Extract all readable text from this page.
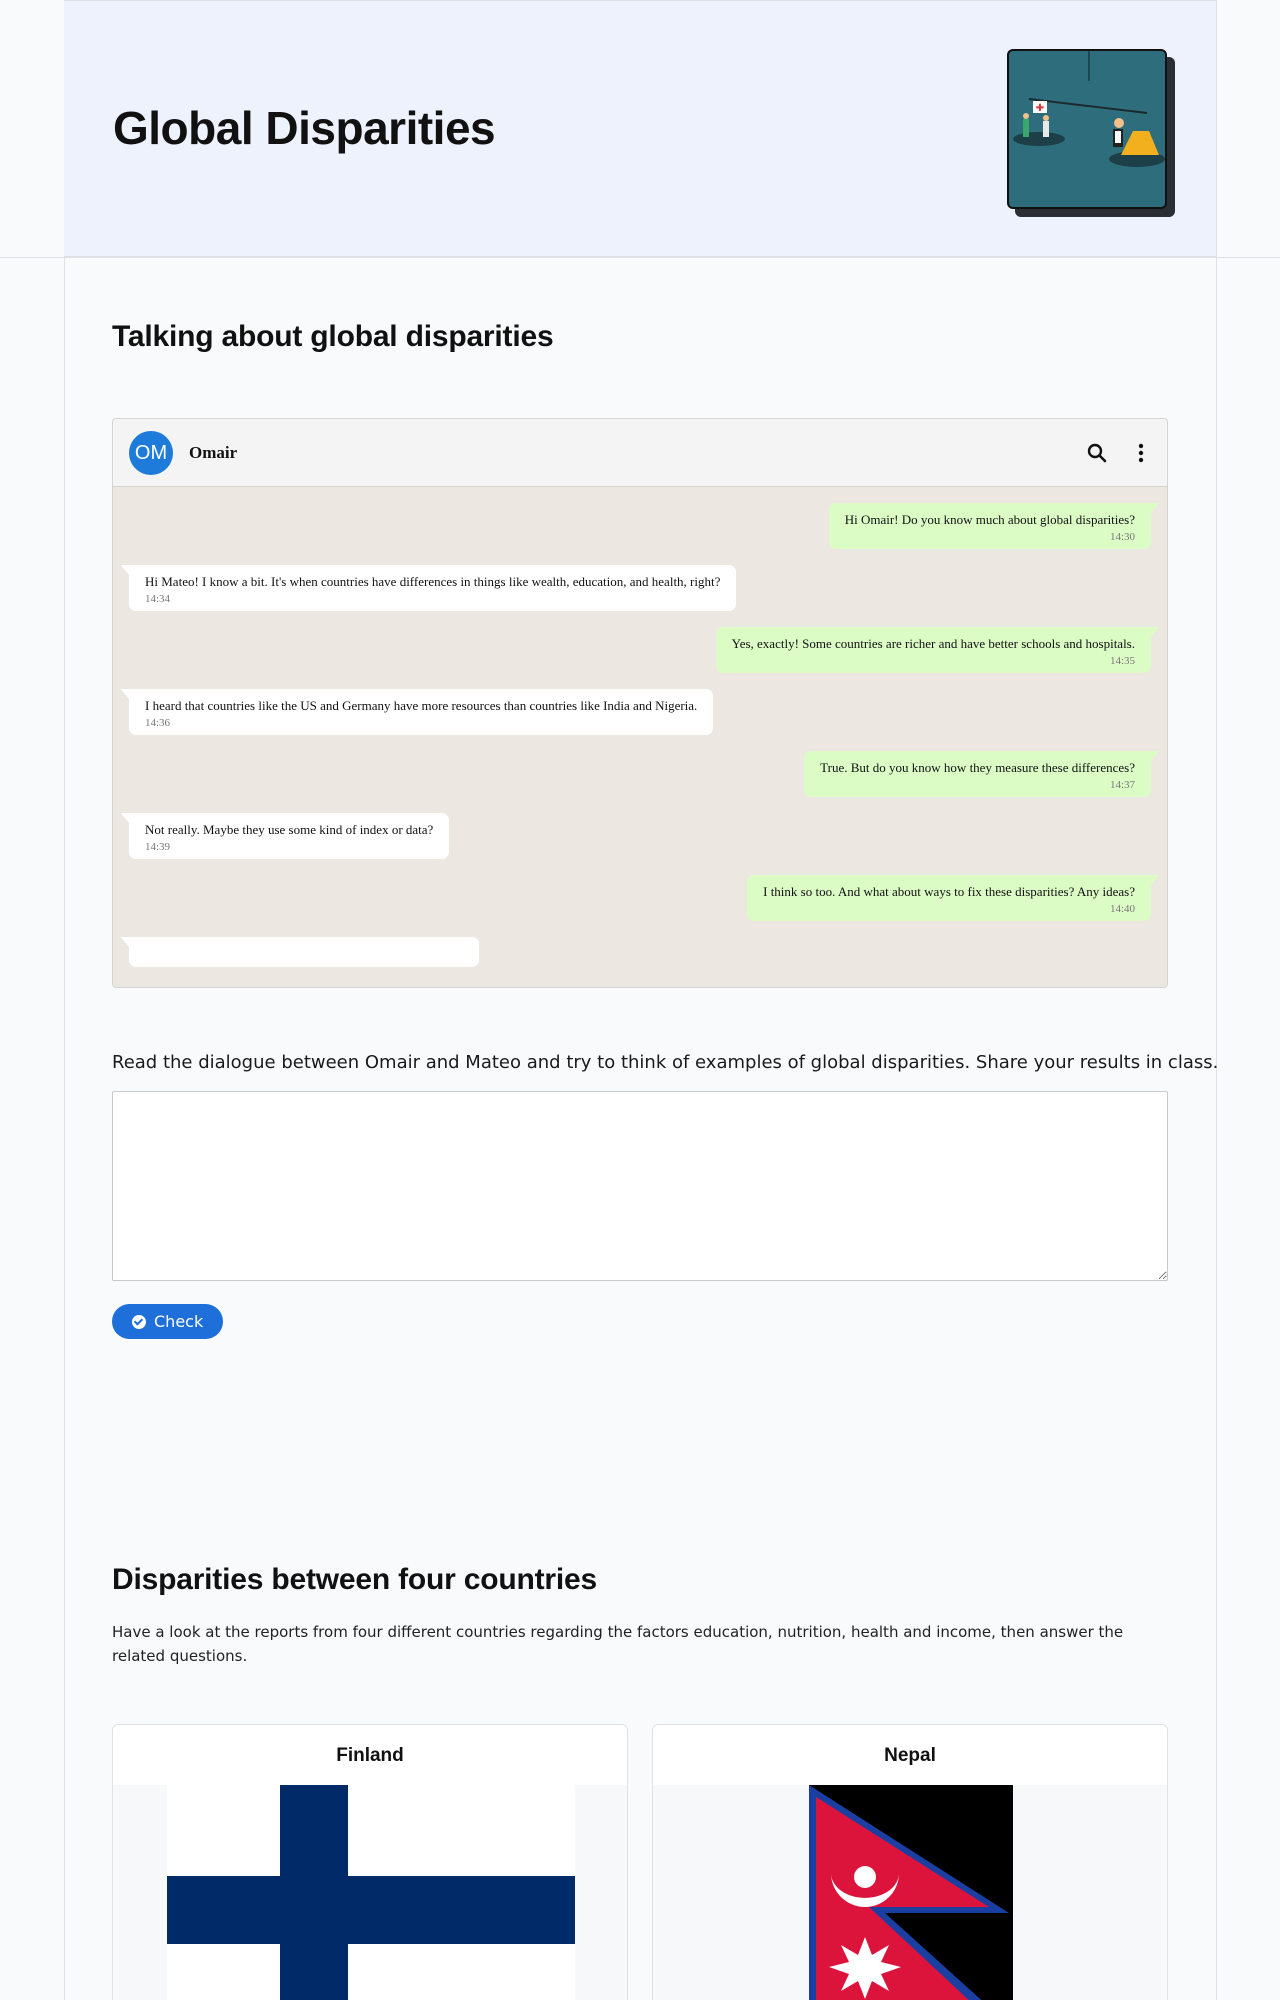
Global Disparities	✚
Talking about global disparities
OM	Omair
Hi Omair! Do you know much about global disparities?
14:30
Hi Mateo! I know a bit. It's when countries have differences in things like wealth, education, and health, right?
14:34
Yes, exactly! Some countries are richer and have better schools and hospitals.
14:35
I heard that countries like the US and Germany have more resources than countries like India and Nigeria.
14:36
True. But do you know how they measure these differences?
14:37
Not really. Maybe they use some kind of index or data?
14:39
I think so too. And what about ways to fix these disparities? Any ideas?
14:40

Read the dialogue between Omair and Mateo and try to think of examples of global disparities. Share your results in class.

Check
Disparities between four countries

Have a look at the reports from four different countries regarding the factors education, nutrition, health and income, then answer the related questions.

Finland	Nepal
